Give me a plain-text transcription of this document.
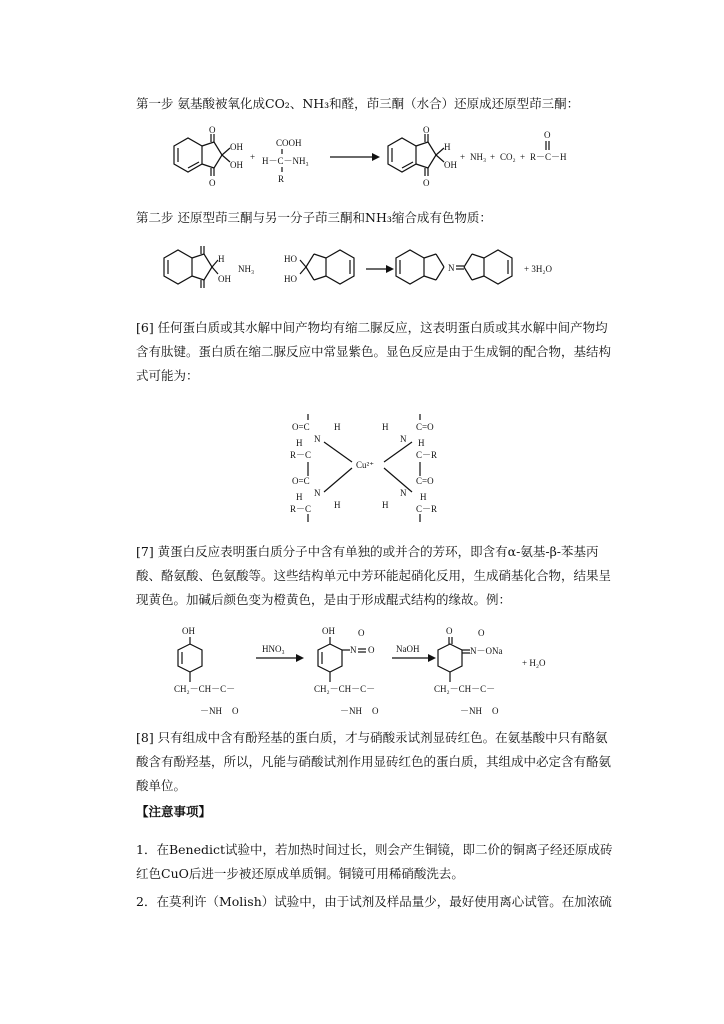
第一步 氨基酸被氧化成CO₂、NH₃和醛，茚三酮（水合）还原成还原型茚三酮：

O
O
OH
OH
+
COOH
H－C－NH₃
R
O
O
H
OH
+ NH₃ + CO₂ +
O
R－C－H

第二步 还原型茚三酮与另一分子茚三酮和NH₃缩合成有色物质：

H
OH
NH₃
HO
HO
N	+ 3H₂O

[6] 任何蛋白质或其水解中间产物均有缩二脲反应，这表明蛋白质或其水解中间产物均含有肽键。蛋白质在缩二脲反应中常显紫色。显色反应是由于生成铜的配合物，基结构式可能为：

O=C
N
H
H
R－C
O=C
N
H
H
R－C
Cu²⁺
C=O
N
H
H
C－R
C=O
N H
H	C－R

[7] 黄蛋白反应表明蛋白质分子中含有单独的或并合的芳环，即含有α-氨基-β-苯基丙酸、酪氨酸、色氨酸等。这些结构单元中芳环能起硝化反用，生成硝基化合物，结果呈现黄色。加碱后颜色变为橙黄色，是由于形成醌式结构的缘故。例：

OH
CH₂－CH－C－
－NH O
HNO₃
OH
N O
O
CH₂－CH－C－
－NH O
NaOH
O
N－ONa
O
CH₂－CH－C－
－NH O
+ H₂O

[8] 只有组成中含有酚羟基的蛋白质，才与硝酸汞试剂显砖红色。在氨基酸中只有酪氨酸含有酚羟基，所以，凡能与硝酸试剂作用显砖红色的蛋白质，其组成中必定含有酪氨酸单位。

【注意事项】

1．在Benedict试验中，若加热时间过长，则会产生铜镜，即二价的铜离子经还原成砖红色CuO后进一步被还原成单质铜。铜镜可用稀硝酸洗去。

2．在莫利许（Molish）试验中，由于试剂及样品量少，最好使用离心试管。在加浓硫
